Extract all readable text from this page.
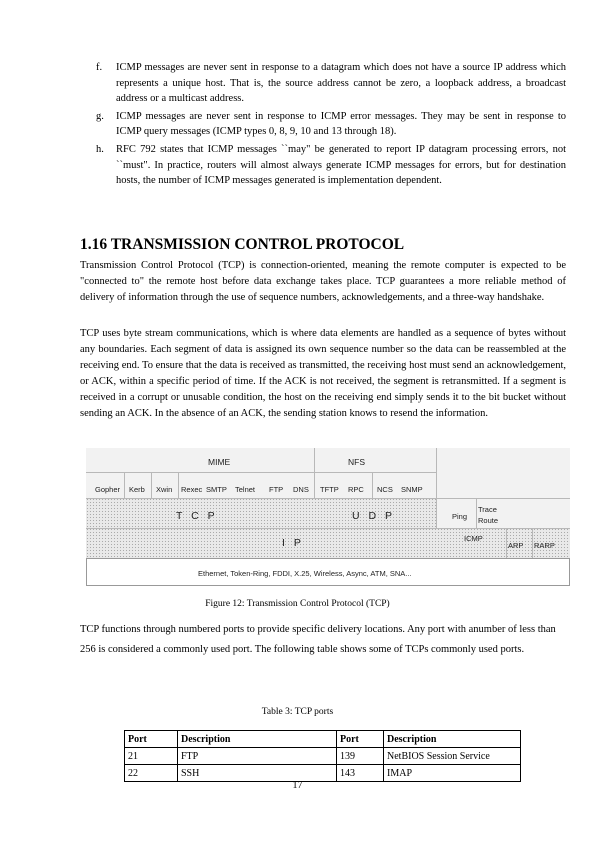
f. ICMP messages are never sent in response to a datagram which does not have a source IP address which represents a unique host. That is, the source address cannot be zero, a loopback address, a broadcast address or a multicast address.
g. ICMP messages are never sent in response to ICMP error messages. They may be sent in response to ICMP query messages (ICMP types 0, 8, 9, 10 and 13 through 18).
h. RFC 792 states that ICMP messages ``may" be generated to report IP datagram processing errors, not ``must". In practice, routers will almost always generate ICMP messages for errors, but for destination hosts, the number of ICMP messages generated is implementation dependent.
1.16 TRANSMISSION CONTROL PROTOCOL

Transmission Control Protocol (TCP) is connection-oriented, meaning the remote computer is expected to be "connected to" the remote host before data exchange takes place. TCP guarantees a more reliable method of delivery of information through the use of sequence numbers, acknowledgements, and a three-way handshake.

TCP uses byte stream communications, which is where data elements are handled as a sequence of bytes without any boundaries. Each segment of data is assigned its own sequence number so the data can be reassembled at the receiving end. To ensure that the data is received as transmitted, the receiving host must send an acknowledgement, or ACK, within a specific period of time. If the ACK is not received, the segment is retransmitted. If a segment is received in a corrupt or unusable condition, the host on the receiving end simply sends it to the bit bucket without sending an ACK. In the absence of an ACK, the sending station knows to resend the information.

MIME	NFS
Gopher Kerb Xwin Rexec SMTP Telnet FTP DNS TFTP RPC NCS SNMP
T C P	U D P	Ping
Trace Route
ICMP
I P	ARP RARP
Ethernet, Token-Ring, FDDI, X.25, Wireless, Async, ATM, SNA...

Figure 12: Transmission Control Protocol (TCP)

TCP functions through numbered ports to provide specific delivery locations. Any port with anumber of less than 256 is considered a commonly used port. The following table shows some of TCPs commonly used ports.

Table 3: TCP ports

Port	Description	Port	Description
21	FTP	139	NetBIOS Session Service
22	SSH	143	IMAP

17
